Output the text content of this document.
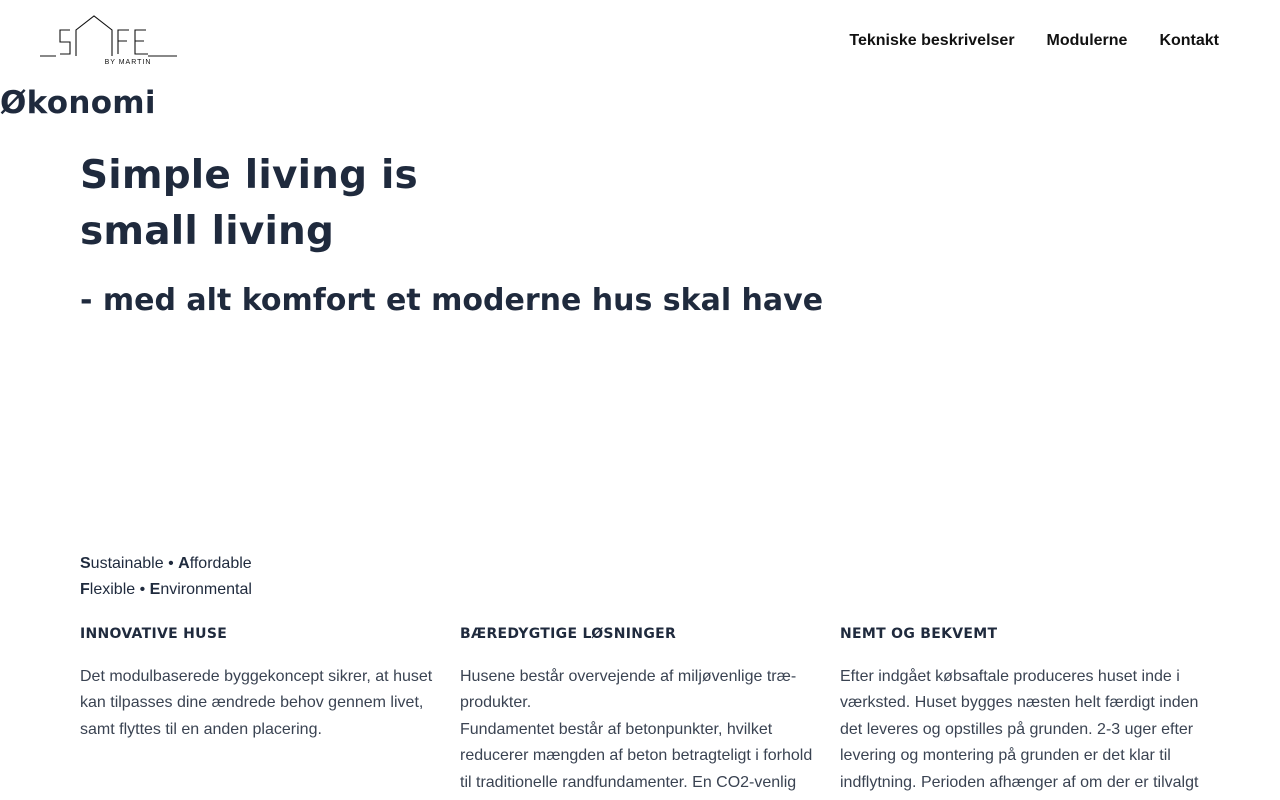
BY MARTIN
Tekniske beskrivelser Modulerne Kontakt
Økonomi
Simple living is
small living
- med alt komfort et moderne hus skal have
Sustainable • Affordable
Flexible • Environmental
INNOVATIVE HUSE

Det modulbaserede byggekoncept sikrer, at huset kan tilpasses dine ændrede behov gennem livet, samt flyttes til en anden placering.

BÆREDYGTIGE LØSNINGER

Husene består overvejende af miljøvenlige træ-produkter.
Fundamentet består af betonpunkter, hvilket reducerer mængden af beton betragteligt i forhold til traditionelle randfundamenter. En CO2-venlig

NEMT OG BEKVEMT

Efter indgået købsaftale produceres huset inde i værksted. Huset bygges næsten helt færdigt inden det leveres og opstilles på grunden. 2-3 uger efter levering og montering på grunden er det klar til indflytning. Perioden afhænger af om der er tilvalgt
